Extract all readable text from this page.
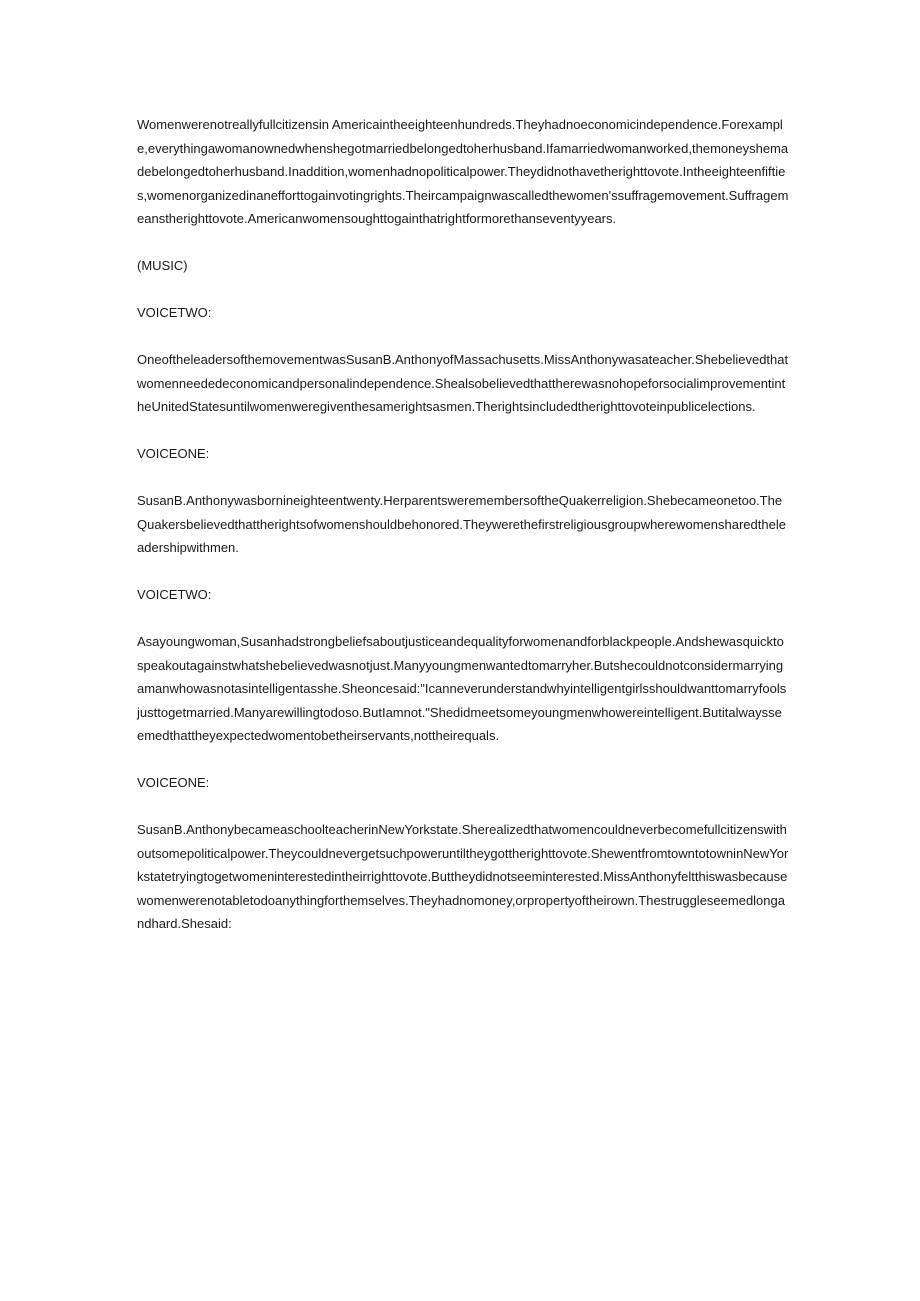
Womenwerenotreallyfullcitizensin Americaintheeighteenhundreds.Theyhadnoeconomicindependence.Forexample,everythingawomanownedwhenshegotmarriedbelongedtoherhusband.Ifamarriedwomanworked,themoneyshemadebelongedtoherhusband.Inaddition,womenhadnopoliticalpower.Theydidnothavetherighttovote.Intheeighteenfifties,womenorganizedinanefforttogainvotingrights.Theircampaignwascalledthewomen'ssuffragemovement.Suffragemeanstherighttovote.Americanwomensoughttogainthatrightformorethanseventyyears.

(MUSIC)

VOICETWO:

OneoftheleadersofthemovementwasSusanB.AnthonyofMassachusetts.MissAnthonywasateacher.Shebelievedthatwomenneededeconomicandpersonalindependence.ShealsobelievedthattherewasnohopeforsocialimprovementintheUnitedStatesuntilwomenweregiventhesamerightsasmen.Therightsincludedtherighttovoteinpublicelections.

VOICEONE:

SusanB.Anthonywasbornineighteentwenty.HerparentsweremembersoftheQuakerreligion.Shebecameonetoo.TheQuakersbelievedthattherightsofwomenshouldbehonored.Theywerethefirstreligiousgroupwherewomensharedtheleadershipwithmen.

VOICETWO:

Asayoungwoman,Susanhadstrongbeliefsaboutjusticeandequalityforwomenandforblackpeople.Andshewasquicktospeakoutagainstwhatshebelievedwasnotjust.Manyyoungmenwantedtomarryher.Butshecouldnotconsidermarryingamanwhowasnotasintelligentasshe.Sheoncesaid:"Icanneverunderstandwhyintelligentgirlsshouldwanttomarryfoolsjusttogetmarried.Manyarewillingtodoso.ButIamnot."Shedidmeetsomeyoungmenwhowereintelligent.Butitalwaysseemedthattheyexpectedwomentobetheirservants,nottheirequals.

VOICEONE:

SusanB.AnthonybecameaschoolteacherinNewYorkstate.Sherealizedthatwomencouldneverbecomefullcitizenswithoutsomepoliticalpower.Theycouldnevergetsuchpoweruntiltheygottherighttovote.ShewentfromtowntotowninNewYorkstatetryingtogetwomeninterestedintheirrighttovote.Buttheydidnotseeminterested.MissAnthonyfeltthiswasbecausewomenwerenotabletodoanythingforthemselves.Theyhadnomoney,orpropertyoftheirown.Thestruggleseemedlongandhard.Shesaid:
